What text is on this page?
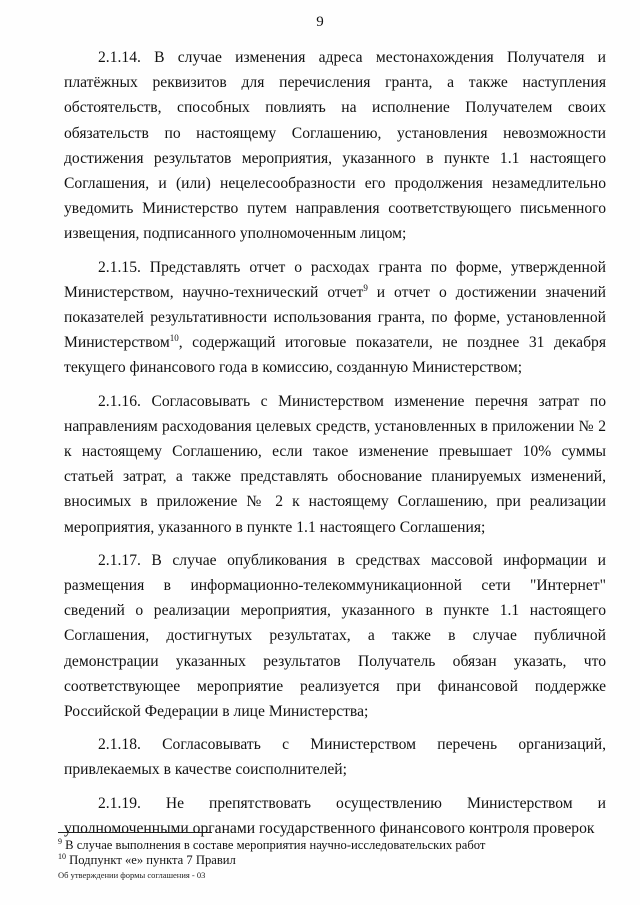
9

2.1.14. В случае изменения адреса местонахождения Получателя и платёжных реквизитов для перечисления гранта, а также наступления обстоятельств, способных повлиять на исполнение Получателем своих обязательств по настоящему Соглашению, установления невозможности достижения результатов мероприятия, указанного в пункте 1.1 настоящего Соглашения, и (или) нецелесообразности его продолжения незамедлительно уведомить Министерство путем направления соответствующего письменного извещения, подписанного уполномоченным лицом;

2.1.15. Представлять отчет о расходах гранта по форме, утвержденной Министерством, научно-технический отчет$^9$ и отчет о достижении значений показателей результативности использования гранта, по форме, установленной Министерством$^{10}$, содержащий итоговые показатели, не позднее 31 декабря текущего финансового года в комиссию, созданную Министерством;

2.1.16. Согласовывать с Министерством изменение перечня затрат по направлениям расходования целевых средств, установленных в приложении № 2 к настоящему Соглашению, если такое изменение превышает 10% суммы статьей затрат, а также представлять обоснование планируемых изменений, вносимых в приложение № 2 к настоящему Соглашению, при реализации мероприятия, указанного в пункте 1.1 настоящего Соглашения;

2.1.17. В случае опубликования в средствах массовой информации и размещения в информационно-телекоммуникационной сети "Интернет" сведений о реализации мероприятия, указанного в пункте 1.1 настоящего Соглашения, достигнутых результатах, а также в случае публичной демонстрации указанных результатов Получатель обязан указать, что соответствующее мероприятие реализуется при финансовой поддержке Российской Федерации в лице Министерства;

2.1.18. Согласовывать с Министерством перечень организаций, привлекаемых в качестве соисполнителей;

2.1.19. Не препятствовать осуществлению Министерством и уполномоченными органами государственного финансового контроля проверок

$^9$ В случае выполнения в составе мероприятия научно-исследовательских работ

$^{10}$ Подпункт «е» пункта 7 Правил

Об утверждении формы соглашения - 03
